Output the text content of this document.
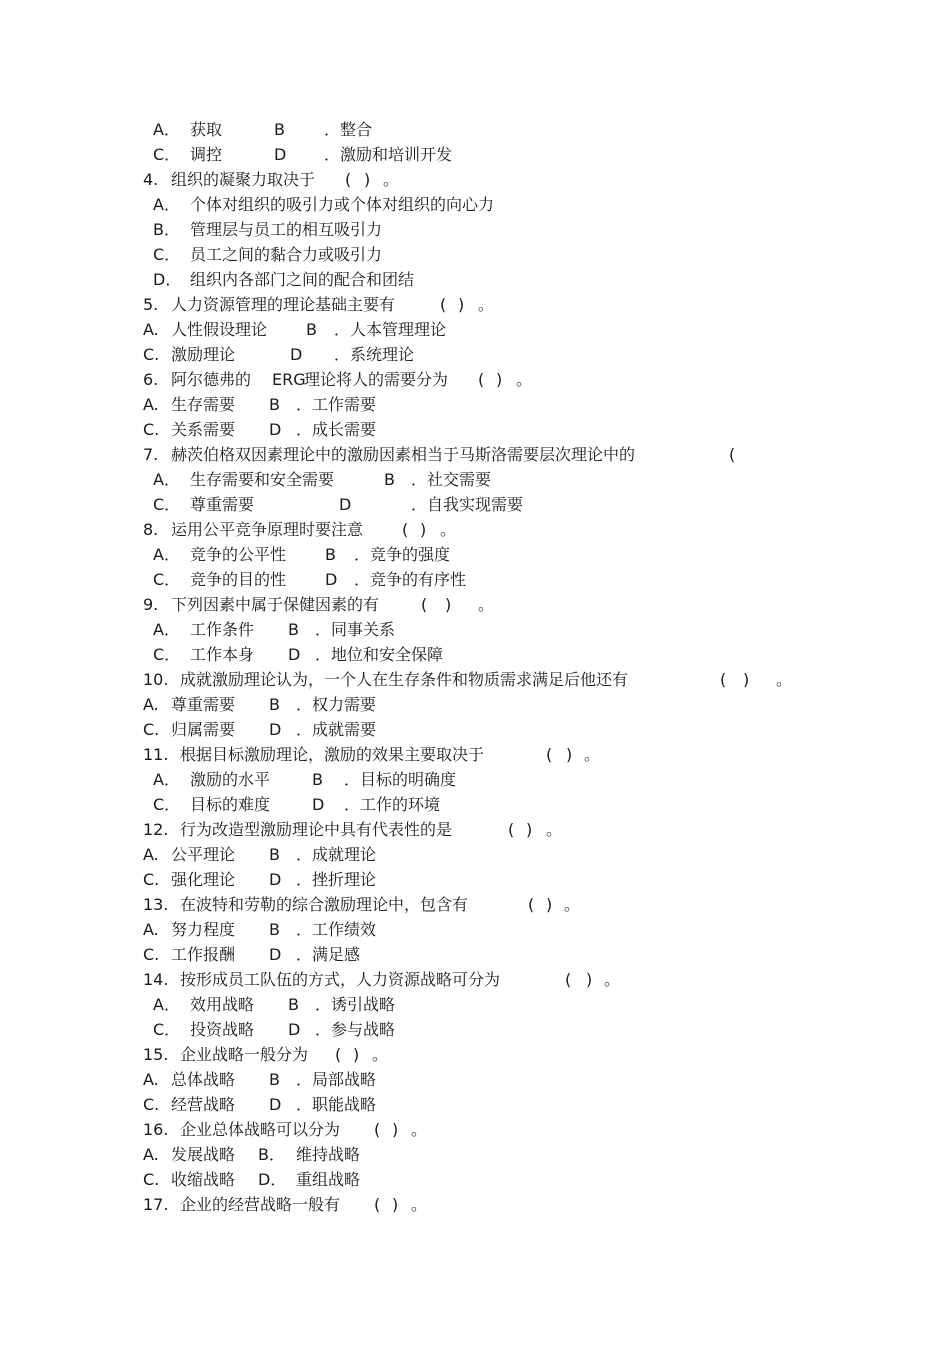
A． 获取	B ．整合
C． 调控	D ．激励和培训开发
4. 组织的凝聚力取决于 ( ) 。
A． 个体对组织的吸引力或个体对组织的向心力
B． 管理层与员工的相互吸引力
C． 员工之间的黏合力或吸引力
D． 组织内各部门之间的配合和团结
5. 人力资源管理的理论基础主要有	( ) 。
A. 人性假设理论 B ．人本管理理论
C. 激励理论	D ．系统理论
6. 阿尔德弗的 ERG
理论将人的需要分为 ( ) 。
A. 生存需要 B ．工作需要
C. 关系需要 D ．成长需要
7. 赫茨伯格双因素理论中的激励因素相当于马斯洛需要层次理论中的	(
A． 生存需要和安全需要	B ．社交需要
C． 尊重需要	D	．自我实现需要
8. 运用公平竞争原理时要注意 ( ) 。
A． 竞争的公平性 B ．竞争的强度
C． 竞争的目的性 D ．竞争的有序性
9. 下列因素中属于保健因素的有	( ) 。
A． 工作条件 B ．同事关系
C． 工作本身 D ．地位和安全保障
10. 成就激励理论认为，一个人在生存条件和物质需求满足后他还有	( ) 。
A. 尊重需要 B ．权力需要
C. 归属需要 D ．成就需要
11. 根据目标激励理论，激励的效果主要取决于	( ) 。
A． 激励的水平	B ．目标的明确度
C． 目标的难度	D ．工作的环境
12. 行为改造型激励理论中具有代表性的是	( ) 。
A. 公平理论 B ．成就理论
C. 强化理论 D ．挫折理论
13. 在波特和劳勒的综合激励理论中，包含有	( ) 。
A. 努力程度 B ．工作绩效
C. 工作报酬 D ．满足感
14. 按形成员工队伍的方式，人力资源战略可分为	( ) 。
A． 效用战略 B ．诱引战略
C． 投资战略 D ．参与战略
15. 企业战略一般分为 ( ) 。
A. 总体战略 B ．局部战略
C. 经营战略 D ．职能战略
16. 企业总体战略可以分为 ( ) 。
A. 发展战略 B． 维持战略
C. 收缩战略 D． 重组战略
17. 企业的经营战略一般有 ( ) 。
